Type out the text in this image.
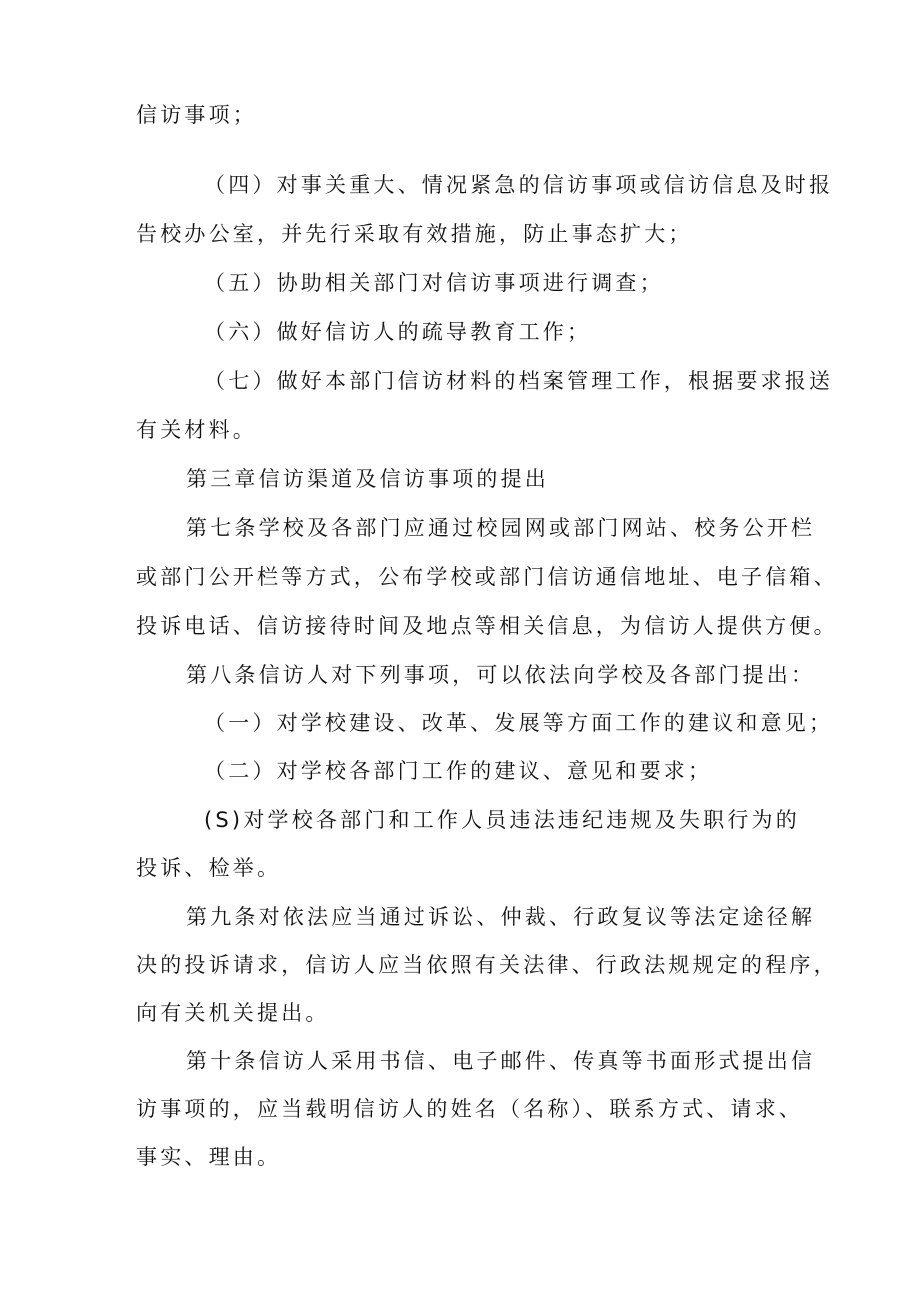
信访事项；
（四）对事关重大、情况紧急的信访事项或信访信息及时报
告校办公室，并先行采取有效措施，防止事态扩大；
（五）协助相关部门对信访事项进行调查；
（六）做好信访人的疏导教育工作；
（七）做好本部门信访材料的档案管理工作，根据要求报送
有关材料。
第三章信访渠道及信访事项的提出
第七条学校及各部门应通过校园网或部门网站、校务公开栏
或部门公开栏等方式，公布学校或部门信访通信地址、电子信箱、
投诉电话、信访接待时间及地点等相关信息，为信访人提供方便。
第八条信访人对下列事项，可以依法向学校及各部门提出：
（一）对学校建设、改革、发展等方面工作的建议和意见；
（二）对学校各部门工作的建议、意见和要求；
(S)对学校各部门和工作人员违法违纪违规及失职行为的
投诉、检举。
第九条对依法应当通过诉讼、仲裁、行政复议等法定途径解
决的投诉请求，信访人应当依照有关法律、行政法规规定的程序，
向有关机关提出。
第十条信访人采用书信、电子邮件、传真等书面形式提出信
访事项的，应当载明信访人的姓名（名称）、联系方式、请求、
事实、理由。
